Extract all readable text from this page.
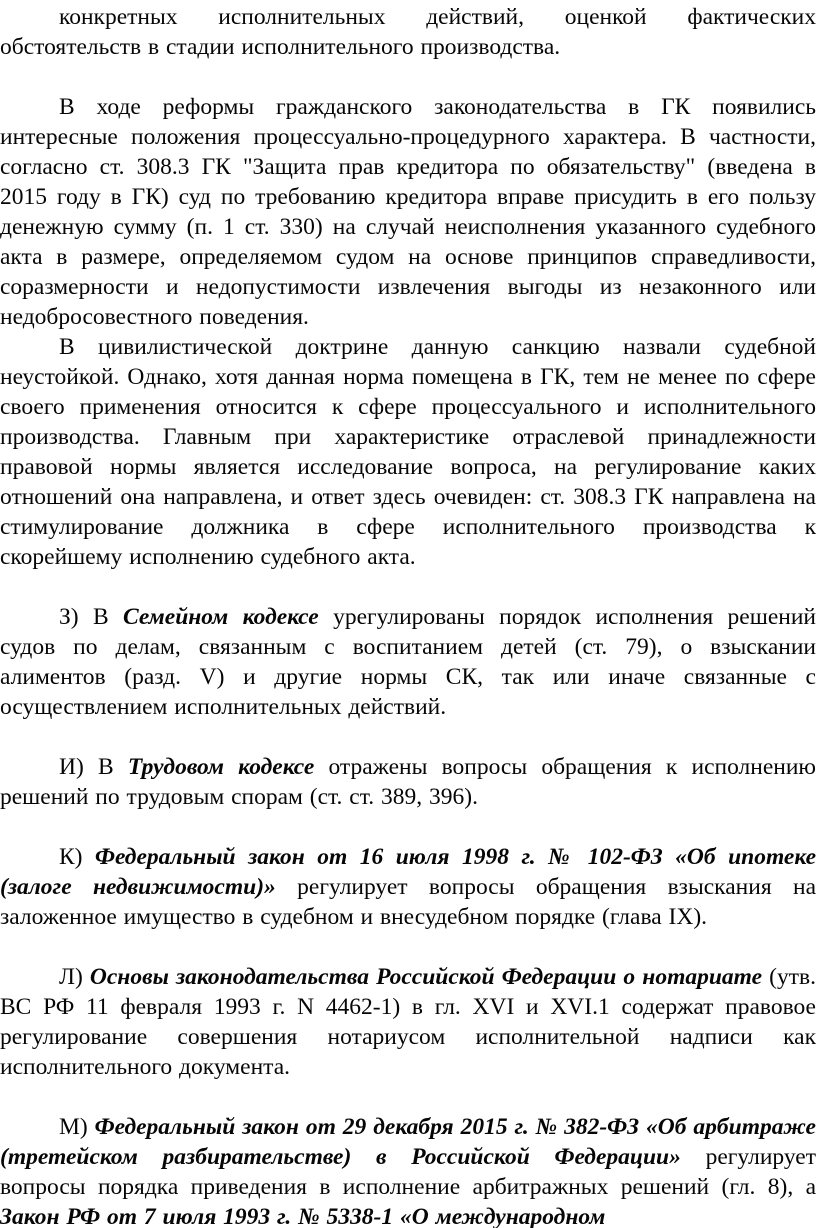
конкретных исполнительных действий, оценкой фактических обстоятельств в стадии исполнительного производства.

В ходе реформы гражданского законодательства в ГК появились интересные положения процессуально-процедурного характера. В частности, согласно ст. 308.3 ГК "Защита прав кредитора по обязательству" (введена в 2015 году в ГК) суд по требованию кредитора вправе присудить в его пользу денежную сумму (п. 1 ст. 330) на случай неисполнения указанного судебного акта в размере, определяемом судом на основе принципов справедливости, соразмерности и недопустимости извлечения выгоды из незаконного или недобросовестного поведения.

В цивилистической доктрине данную санкцию назвали судебной неустойкой. Однако, хотя данная норма помещена в ГК, тем не менее по сфере своего применения относится к сфере процессуального и исполнительного производства. Главным при характеристике отраслевой принадлежности правовой нормы является исследование вопроса, на регулирование каких отношений она направлена, и ответ здесь очевиден: ст. 308.3 ГК направлена на стимулирование должника в сфере исполнительного производства к скорейшему исполнению судебного акта.

З) В Семейном кодексе урегулированы порядок исполнения решений судов по делам, связанным с воспитанием детей (ст. 79), о взыскании алиментов (разд. V) и другие нормы СК, так или иначе связанные с осуществлением исполнительных действий.

И) В Трудовом кодексе отражены вопросы обращения к исполнению решений по трудовым спорам (ст. ст. 389, 396).

К) Федеральный закон от 16 июля 1998 г. № 102-ФЗ «Об ипотеке (залоге недвижимости)» регулирует вопросы обращения взыскания на заложенное имущество в судебном и внесудебном порядке (глава IX).

Л) Основы законодательства Российской Федерации о нотариате (утв. ВС РФ 11 февраля 1993 г. N 4462-1) в гл. XVI и XVI.1 содержат правовое регулирование совершения нотариусом исполнительной надписи как исполнительного документа.

М) Федеральный закон от 29 декабря 2015 г. № 382-ФЗ «Об арбитраже (третейском разбирательстве) в Российской Федерации» регулирует вопросы порядка приведения в исполнение арбитражных решений (гл. 8), а Закон РФ от 7 июля 1993 г. № 5338-1 «О международном
